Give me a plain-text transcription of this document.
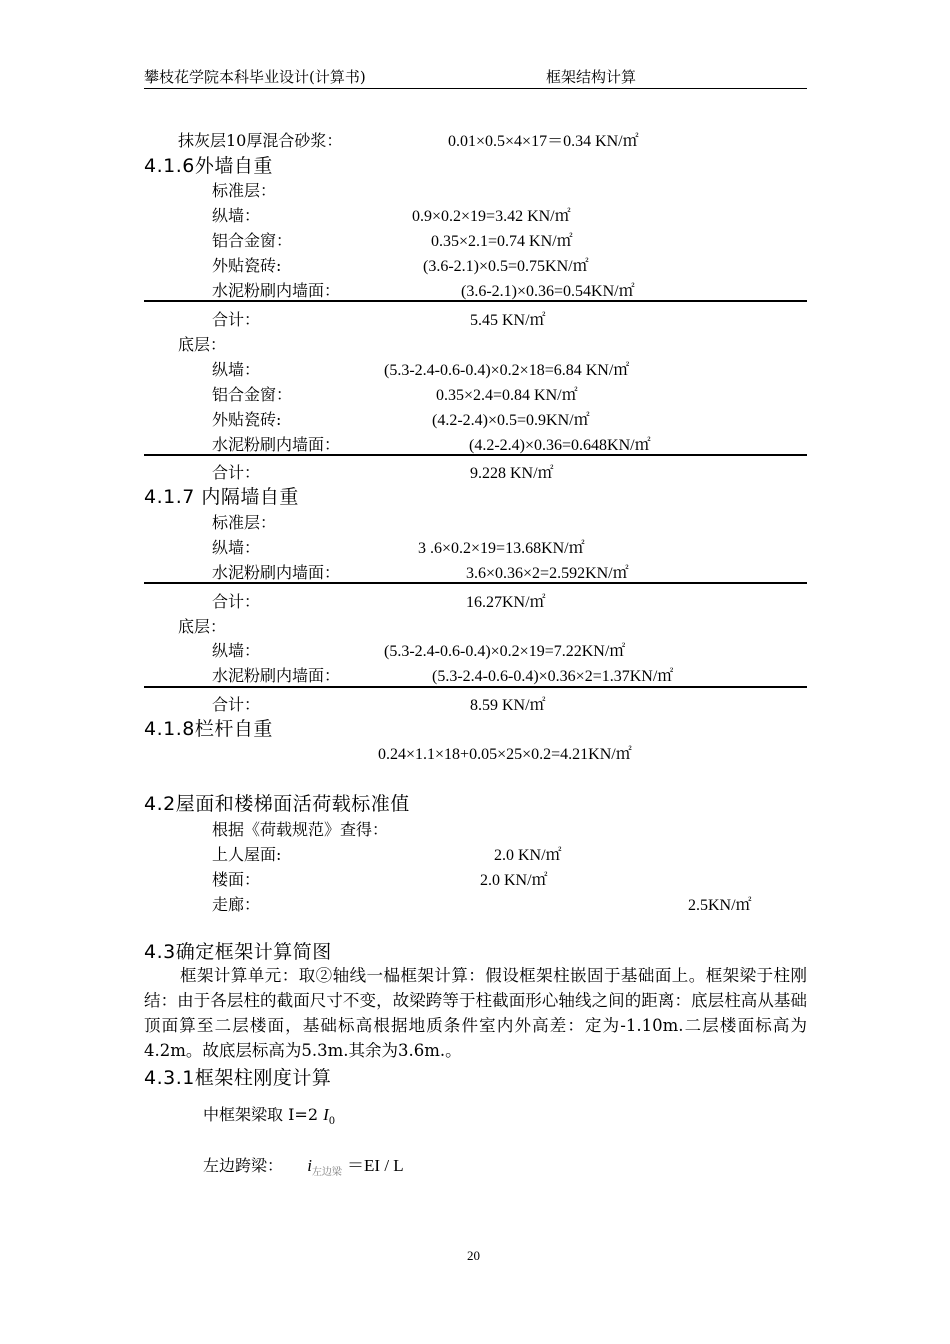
攀枝花学院本科毕业设计(计算书)	框架结构计算
抹灰层10厚混合砂浆：	0.01×0.5×4×17＝0.34 KN/㎡
4.1.6外墙自重
标准层：
纵墙：	0.9×0.2×19=3.42 KN/㎡
铝合金窗：	0.35×2.1=0.74 KN/㎡
外贴瓷砖:	(3.6-2.1)×0.5=0.75KN/㎡
水泥粉刷内墙面：	(3.6-2.1)×0.36=0.54KN/㎡
合计：	5.45 KN/㎡
底层：
纵墙：	(5.3-2.4-0.6-0.4)×0.2×18=6.84 KN/㎡
铝合金窗：	0.35×2.4=0.84 KN/㎡
外贴瓷砖:	(4.2-2.4)×0.5=0.9KN/㎡
水泥粉刷内墙面：	(4.2-2.4)×0.36=0.648KN/㎡
合计：	9.228 KN/㎡
4.1.7 内隔墙自重
标准层：
纵墙：	3 .6×0.2×19=13.68KN/㎡
水泥粉刷内墙面：	3.6×0.36×2=2.592KN/㎡
合计：	16.27KN/㎡
底层：
纵墙：	(5.3-2.4-0.6-0.4)×0.2×19=7.22KN/㎡
水泥粉刷内墙面：	(5.3-2.4-0.6-0.4)×0.36×2=1.37KN/㎡
合计：	8.59 KN/㎡
4.1.8栏杆自重
0.24×1.1×18+0.05×25×0.2=4.21KN/㎡
4.2屋面和楼梯面活荷载标准值
根据《荷载规范》查得：
上人屋面:	2.0 KN/㎡
楼面：	2.0 KN/㎡
走廊：	2.5KN/㎡
4.3确定框架计算简图

框架计算单元：取②轴线一榀框架计算：假设框架柱嵌固于基础面上。框架梁于柱刚结：由于各层柱的截面尺寸不变，故梁跨等于柱截面形心轴线之间的距离：底层柱高从基础顶面算至二层楼面，基础标高根据地质条件室内外高差：定为-1.10m.二层楼面标高为4.2m。故底层标高为5.3m.其余为3.6m.。

4.3.1框架柱刚度计算
中框架梁取 I=2 $I_0$
左边跨梁： $i_{左边梁} =EI / L$
20
